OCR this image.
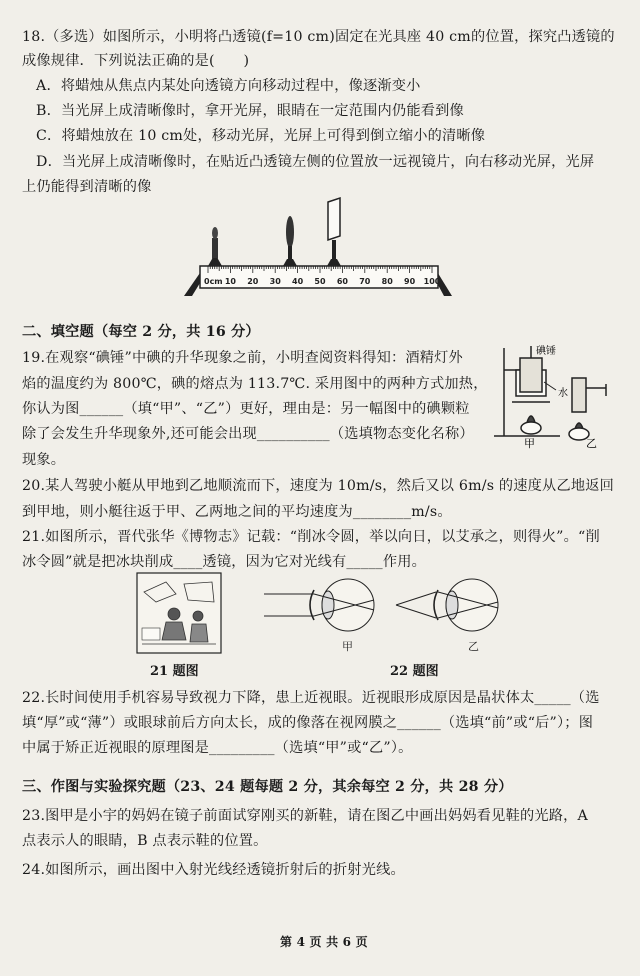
18.（多选）如图所示，小明将凸透镜(f=10 cm)固定在光具座 40 cm的位置，探究凸透镜的
成像规律．下列说法正确的是(　　)
A．将蜡烛从焦点内某处向透镜方向移动过程中，像逐渐变小
B．当光屏上成清晰像时，拿开光屏，眼睛在一定范围内仍能看到像
C．将蜡烛放在 10 cm处，移动光屏，光屏上可得到倒立缩小的清晰像
D．当光屏上成清晰像时，在贴近凸透镜左侧的位置放一远视镜片，向右移动光屏，光屏
上仍能得到清晰的像
0cm 10 20 30 40 50 60 70 80 90 100
二、填空题（每空 2 分，共 16 分）
19.在观察“碘锤”中碘的升华现象之前，小明查阅资料得知：酒精灯外
焰的温度约为 800℃，碘的熔点为 113.7℃. 采用图中的两种方式加热，
你认为图______（填“甲”、“乙”）更好，理由是：另一幅图中的碘颗粒
除了会发生升华现象外,还可能会出现__________（选填物态变化名称）
现象。
碘锤
水
甲	乙
20.某人驾驶小艇从甲地到乙地顺流而下，速度为 10m/s，然后又以 6m/s 的速度从乙地返回
到甲地，则小艇往返于甲、乙两地之间的平均速度为________m/s。
21.如图所示，晋代张华《博物志》记载：“削冰令圆，举以向日，以艾承之，则得火”。“削
冰令圆”就是把冰块削成____透镜，因为它对光线有_____作用。
21 题图
甲	乙
22 题图
22.长时间使用手机容易导致视力下降，患上近视眼。近视眼形成原因是晶状体太_____（选
填“厚”或“薄”）或眼球前后方向太长，成的像落在视网膜之______（选填“前”或“后”）；图
中属于矫正近视眼的原理图是_________（选填“甲”或“乙”）。
三、作图与实验探究题（23、24 题每题 2 分，其余每空 2 分，共 28 分）
23.图甲是小宇的妈妈在镜子前面试穿刚买的新鞋，请在图乙中画出妈妈看见鞋的光路，A
点表示人的眼睛，B 点表示鞋的位置。
24.如图所示，画出图中入射光线经透镜折射后的折射光线。
第 4 页 共 6 页
